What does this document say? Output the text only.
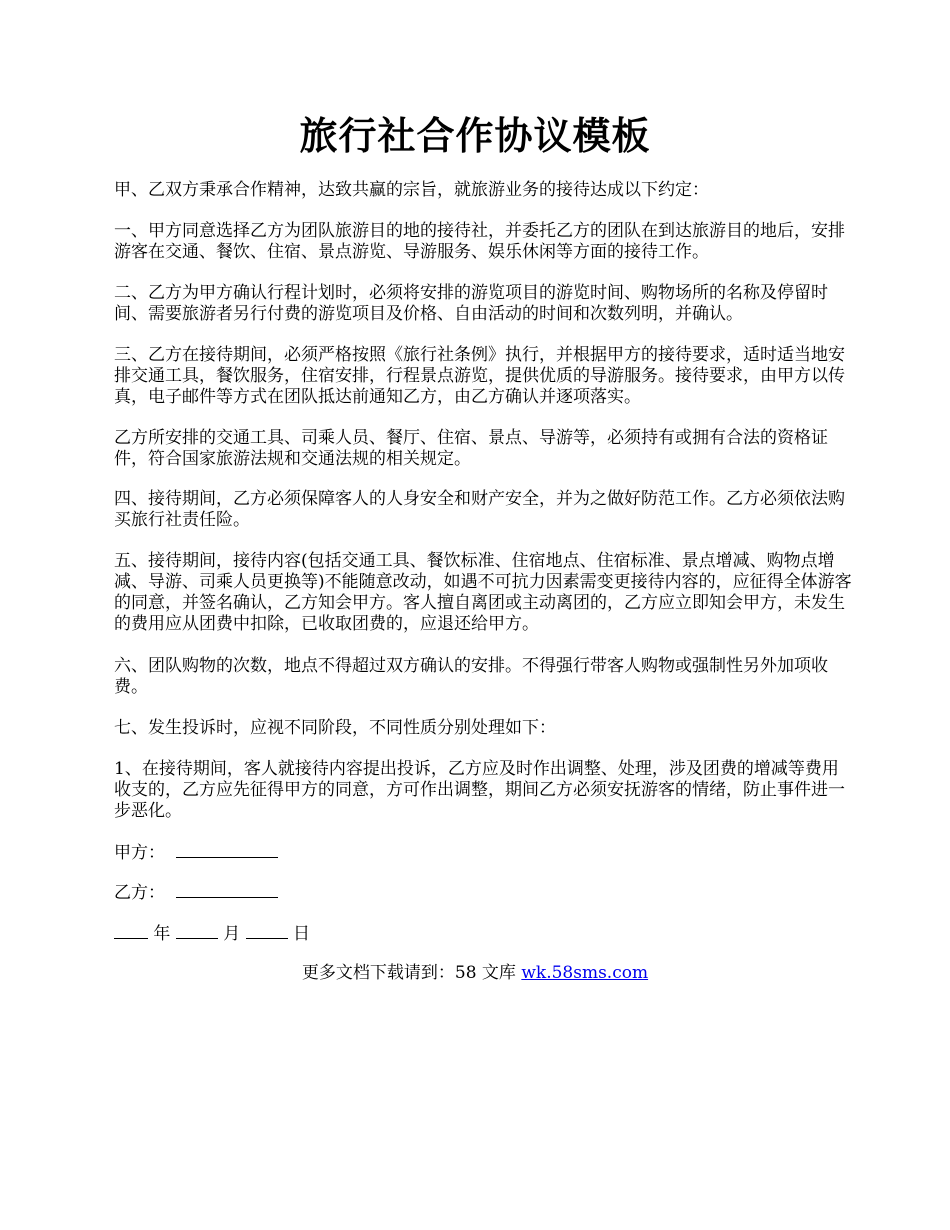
旅行社合作协议模板

甲、乙双方秉承合作精神，达致共赢的宗旨，就旅游业务的接待达成以下约定：

一、甲方同意选择乙方为团队旅游目的地的接待社，并委托乙方的团队在到达旅游目的地后，安排游客在交通、餐饮、住宿、景点游览、导游服务、娱乐休闲等方面的接待工作。

二、乙方为甲方确认行程计划时，必须将安排的游览项目的游览时间、购物场所的名称及停留时间、需要旅游者另行付费的游览项目及价格、自由活动的时间和次数列明，并确认。

三、乙方在接待期间，必须严格按照《旅行社条例》执行，并根据甲方的接待要求，适时适当地安排交通工具，餐饮服务，住宿安排，行程景点游览，提供优质的导游服务。接待要求，由甲方以传真，电子邮件等方式在团队抵达前通知乙方，由乙方确认并逐项落实。

乙方所安排的交通工具、司乘人员、餐厅、住宿、景点、导游等，必须持有或拥有合法的资格证件，符合国家旅游法规和交通法规的相关规定。

四、接待期间，乙方必须保障客人的人身安全和财产安全，并为之做好防范工作。乙方必须依法购买旅行社责任险。

五、接待期间，接待内容(包括交通工具、餐饮标准、住宿地点、住宿标准、景点增减、购物点增减、导游、司乘人员更换等)不能随意改动，如遇不可抗力因素需变更接待内容的，应征得全体游客的同意，并签名确认，乙方知会甲方。客人擅自离团或主动离团的，乙方应立即知会甲方，未发生的费用应从团费中扣除，已收取团费的，应退还给甲方。

六、团队购物的次数，地点不得超过双方确认的安排。不得强行带客人购物或强制性另外加项收费。

七、发生投诉时，应视不同阶段，不同性质分别处理如下：

1、在接待期间，客人就接待内容提出投诉，乙方应及时作出调整、处理，涉及团费的增减等费用收支的，乙方应先征得甲方的同意，方可作出调整，期间乙方必须安抚游客的情绪，防止事件进一步恶化。

甲方：
乙方：
年	月	日
更多文档下载请到：58 文库 wk.58sms.com
